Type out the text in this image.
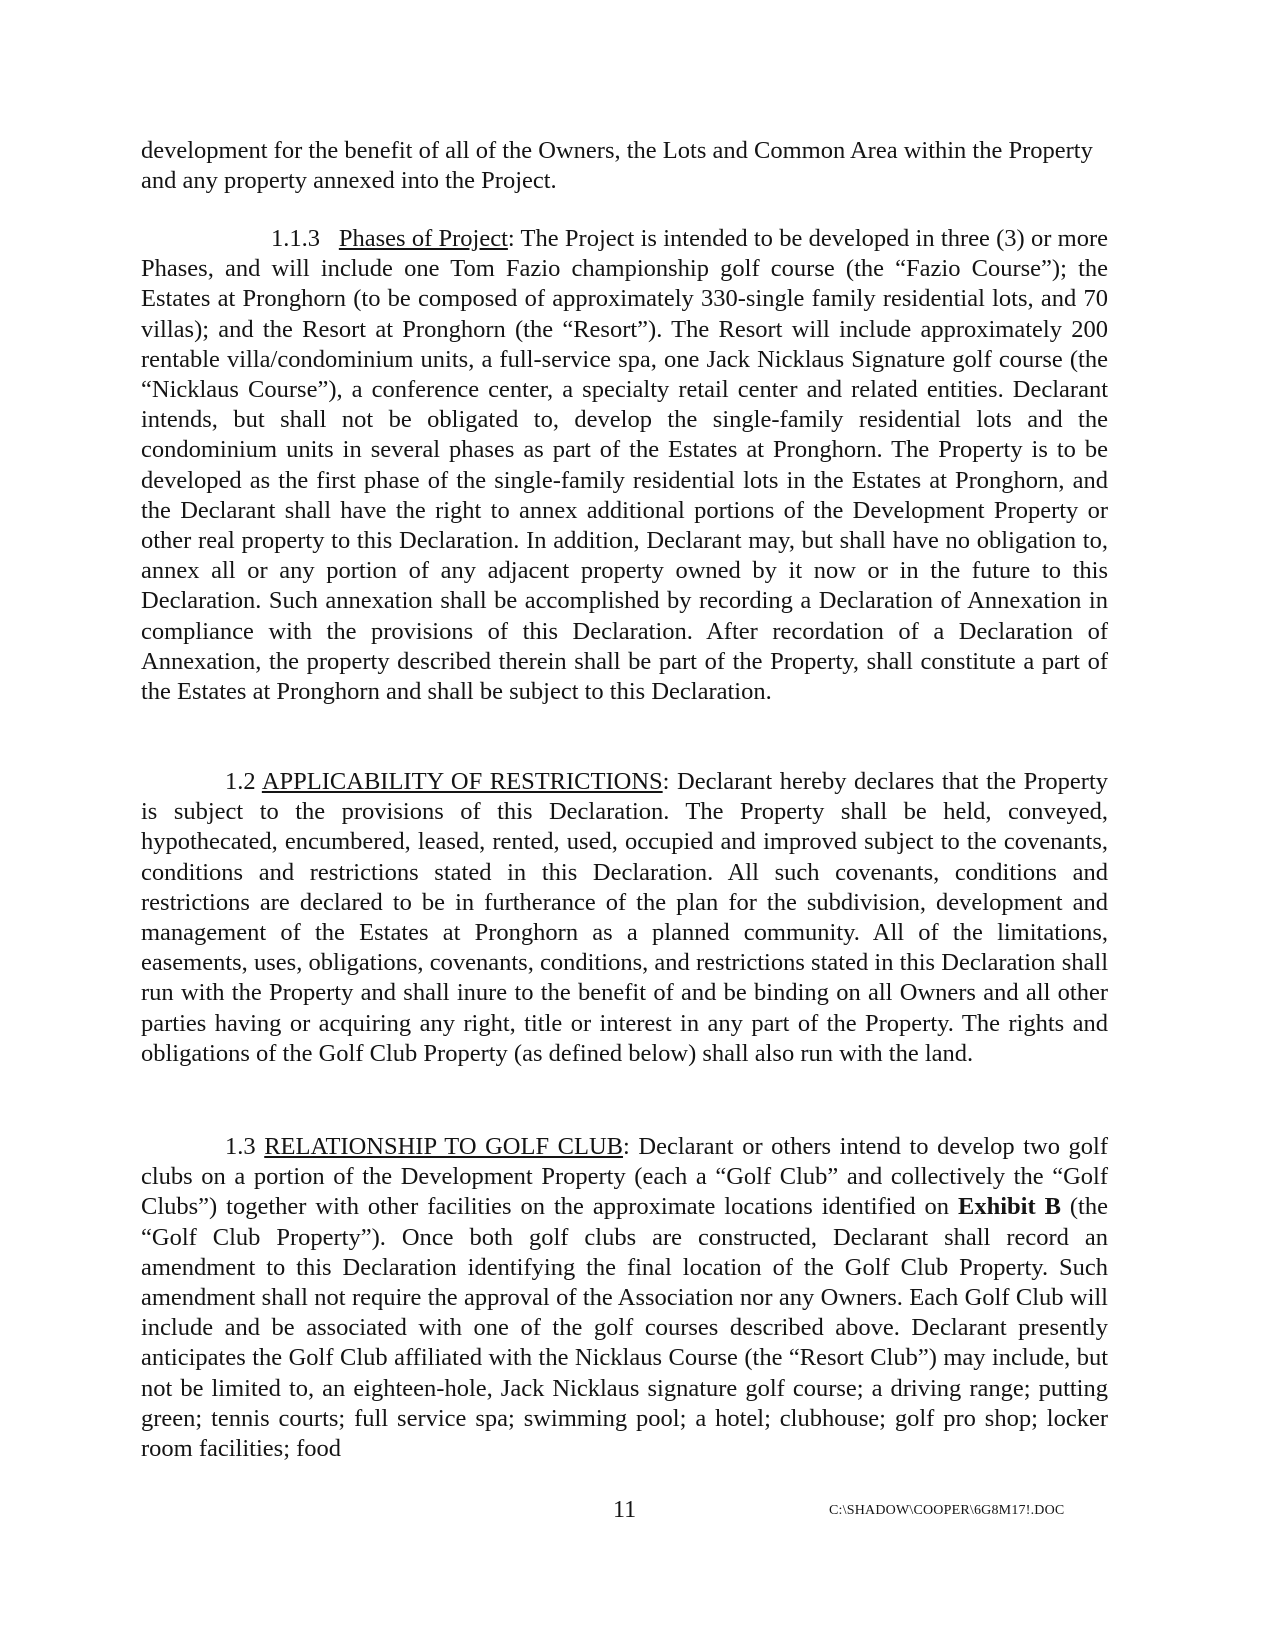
development for the benefit of all of the Owners, the Lots and Common Area within the Property and any property annexed into the Project.

1.1.3 Phases of Project: The Project is intended to be developed in three (3) or more Phases, and will include one Tom Fazio championship golf course (the “Fazio Course”); the Estates at Pronghorn (to be composed of approximately 330-single family residential lots, and 70 villas); and the Resort at Pronghorn (the “Resort”). The Resort will include approximately 200 rentable villa/condominium units, a full-service spa, one Jack Nicklaus Signature golf course (the “Nicklaus Course”), a conference center, a specialty retail center and related entities. Declarant intends, but shall not be obligated to, develop the single-family residential lots and the condominium units in several phases as part of the Estates at Pronghorn. The Property is to be developed as the first phase of the single-family residential lots in the Estates at Pronghorn, and the Declarant shall have the right to annex additional portions of the Development Property or other real property to this Declaration. In addition, Declarant may, but shall have no obligation to, annex all or any portion of any adjacent property owned by it now or in the future to this Declaration. Such annexation shall be accomplished by recording a Declaration of Annexation in compliance with the provisions of this Declaration. After recordation of a Declaration of Annexation, the property described therein shall be part of the Property, shall constitute a part of the Estates at Pronghorn and shall be subject to this Declaration.

1.2 APPLICABILITY OF RESTRICTIONS: Declarant hereby declares that the Property is subject to the provisions of this Declaration. The Property shall be held, conveyed, hypothecated, encumbered, leased, rented, used, occupied and improved subject to the covenants, conditions and restrictions stated in this Declaration. All such covenants, conditions and restrictions are declared to be in furtherance of the plan for the subdivision, development and management of the Estates at Pronghorn as a planned community. All of the limitations, easements, uses, obligations, covenants, conditions, and restrictions stated in this Declaration shall run with the Property and shall inure to the benefit of and be binding on all Owners and all other parties having or acquiring any right, title or interest in any part of the Property. The rights and obligations of the Golf Club Property (as defined below) shall also run with the land.

1.3 RELATIONSHIP TO GOLF CLUB: Declarant or others intend to develop two golf clubs on a portion of the Development Property (each a “Golf Club” and collectively the “Golf Clubs”) together with other facilities on the approximate locations identified on Exhibit B (the “Golf Club Property”). Once both golf clubs are constructed, Declarant shall record an amendment to this Declaration identifying the final location of the Golf Club Property. Such amendment shall not require the approval of the Association nor any Owners. Each Golf Club will include and be associated with one of the golf courses described above. Declarant presently anticipates the Golf Club affiliated with the Nicklaus Course (the “Resort Club”) may include, but not be limited to, an eighteen-hole, Jack Nicklaus signature golf course; a driving range; putting green; tennis courts; full service spa; swimming pool; a hotel; clubhouse; golf pro shop; locker room facilities; food

11	C:\SHADOW\COOPER\6G8M17!.DOC
